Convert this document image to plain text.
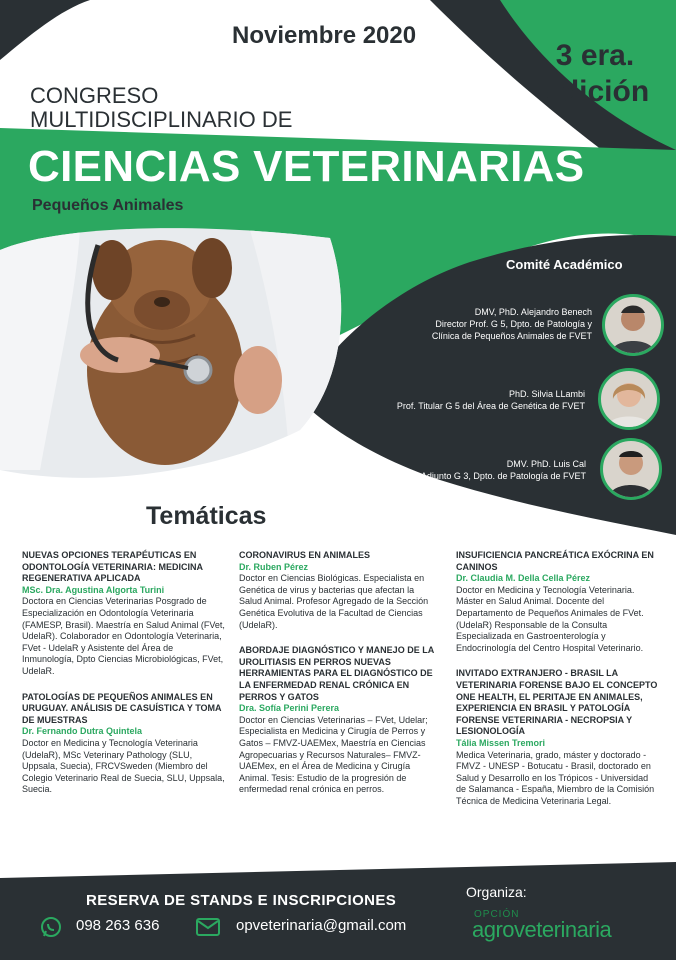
Noviembre 2020
3 era.
Edición
CONGRESO
MULTIDISCIPLINARIO DE
CIENCIAS VETERINARIAS
Pequeños Animales
Comité Académico
DMV, PhD. Alejandro Benech
Director Prof. G 5, Dpto. de Patología y
Clínica de Pequeños Animales de FVET
PhD. Silvia LLambi
Prof. Titular G 5 del Área de Genética de FVET
DMV. PhD. Luis Cal
Prof. Adjunto G 3, Dpto. de Patología de FVET
Temáticas
NUEVAS OPCIONES TERAPÉUTICAS EN ODONTOLOGÍA VETERINARIA: MEDICINA REGENERATIVA APLICADA
MSc. Dra. Agustina Algorta Turini
Doctora en Ciencias Veterinarias Posgrado de Especialización en Odontología Veterinaria (FAMESP, Brasil). Maestría en Salud Animal (FVet, UdelaR). Colaborador en Odontología Veterinaria, FVet - UdelaR y Asistente del Área de Inmunología, Dpto Ciencias Microbiológicas, FVet, UdelaR.
PATOLOGÍAS DE PEQUEÑOS ANIMALES EN URUGUAY. ANÁLISIS DE CASUÍSTICA Y TOMA DE MUESTRAS
Dr. Fernando Dutra Quintela
Doctor en Medicina y Tecnología Veterinaria (UdelaR), MSc Veterinary Pathology (SLU, Uppsala, Suecia), FRCVSweden (Miembro del Colegio Veterinario Real de Suecia, SLU, Uppsala, Suecia.
CORONAVIRUS EN ANIMALES
Dr. Ruben Pérez
Doctor en Ciencias Biológicas. Especialista en Genética de virus y bacterias que afectan la Salud Animal. Profesor Agregado de la Sección Genética Evolutiva de la Facultad de Ciencias (UdelaR).
ABORDAJE DIAGNÓSTICO Y MANEJO DE LA UROLITIASIS EN PERROS NUEVAS HERRAMIENTAS PARA EL DIAGNÓSTICO DE LA ENFERMEDAD RENAL CRÓNICA EN PERROS Y GATOS
Dra. Sofía Perini Perera
Doctor en Ciencias Veterinarias – FVet, Udelar; Especialista en Medicina y Cirugía de Perros y Gatos – FMVZ-UAEMex, Maestría en Ciencias Agropecuarias y Recursos Naturales– FMVZ-UAEMex, en el Área de Medicina y Cirugía Animal. Tesis: Estudio de la progresión de enfermedad renal crónica en perros.
INSUFICIENCIA PANCREÁTICA EXÓCRINA EN CANINOS
Dr. Claudia M. Della Cella Pérez
Doctor en Medicina y Tecnología Veterinaria. Máster en Salud Animal. Docente del Departamento de Pequeños Animales de FVet. (UdelaR) Responsable de la Consulta Especializada en Gastroenterología y Endocrinología del Centro Hospital Veterinario.
INVITADO EXTRANJERO - BRASIL LA VETERINARIA FORENSE BAJO EL CONCEPTO ONE HEALTH, EL PERITAJE EN ANIMALES, EXPERIENCIA EN BRASIL Y PATOLOGÍA FORENSE VETERINARIA - NECROPSIA Y LESIONOLOGÍA
Tália Missen Tremori
Medica Veterinaria, grado, máster y doctorado - FMVZ - UNESP - Botucatu - Brasil, doctorado en Salud y Desarrollo en los Trópicos - Universidad de Salamanca - España, Miembro de la Comisión Técnica de Medicina Veterinaria Legal.
RESERVA DE STANDS E INSCRIPCIONES
098 263 636	opveterinaria@gmail.com
Organiza:
OPCIÓN
agroveterinaria
